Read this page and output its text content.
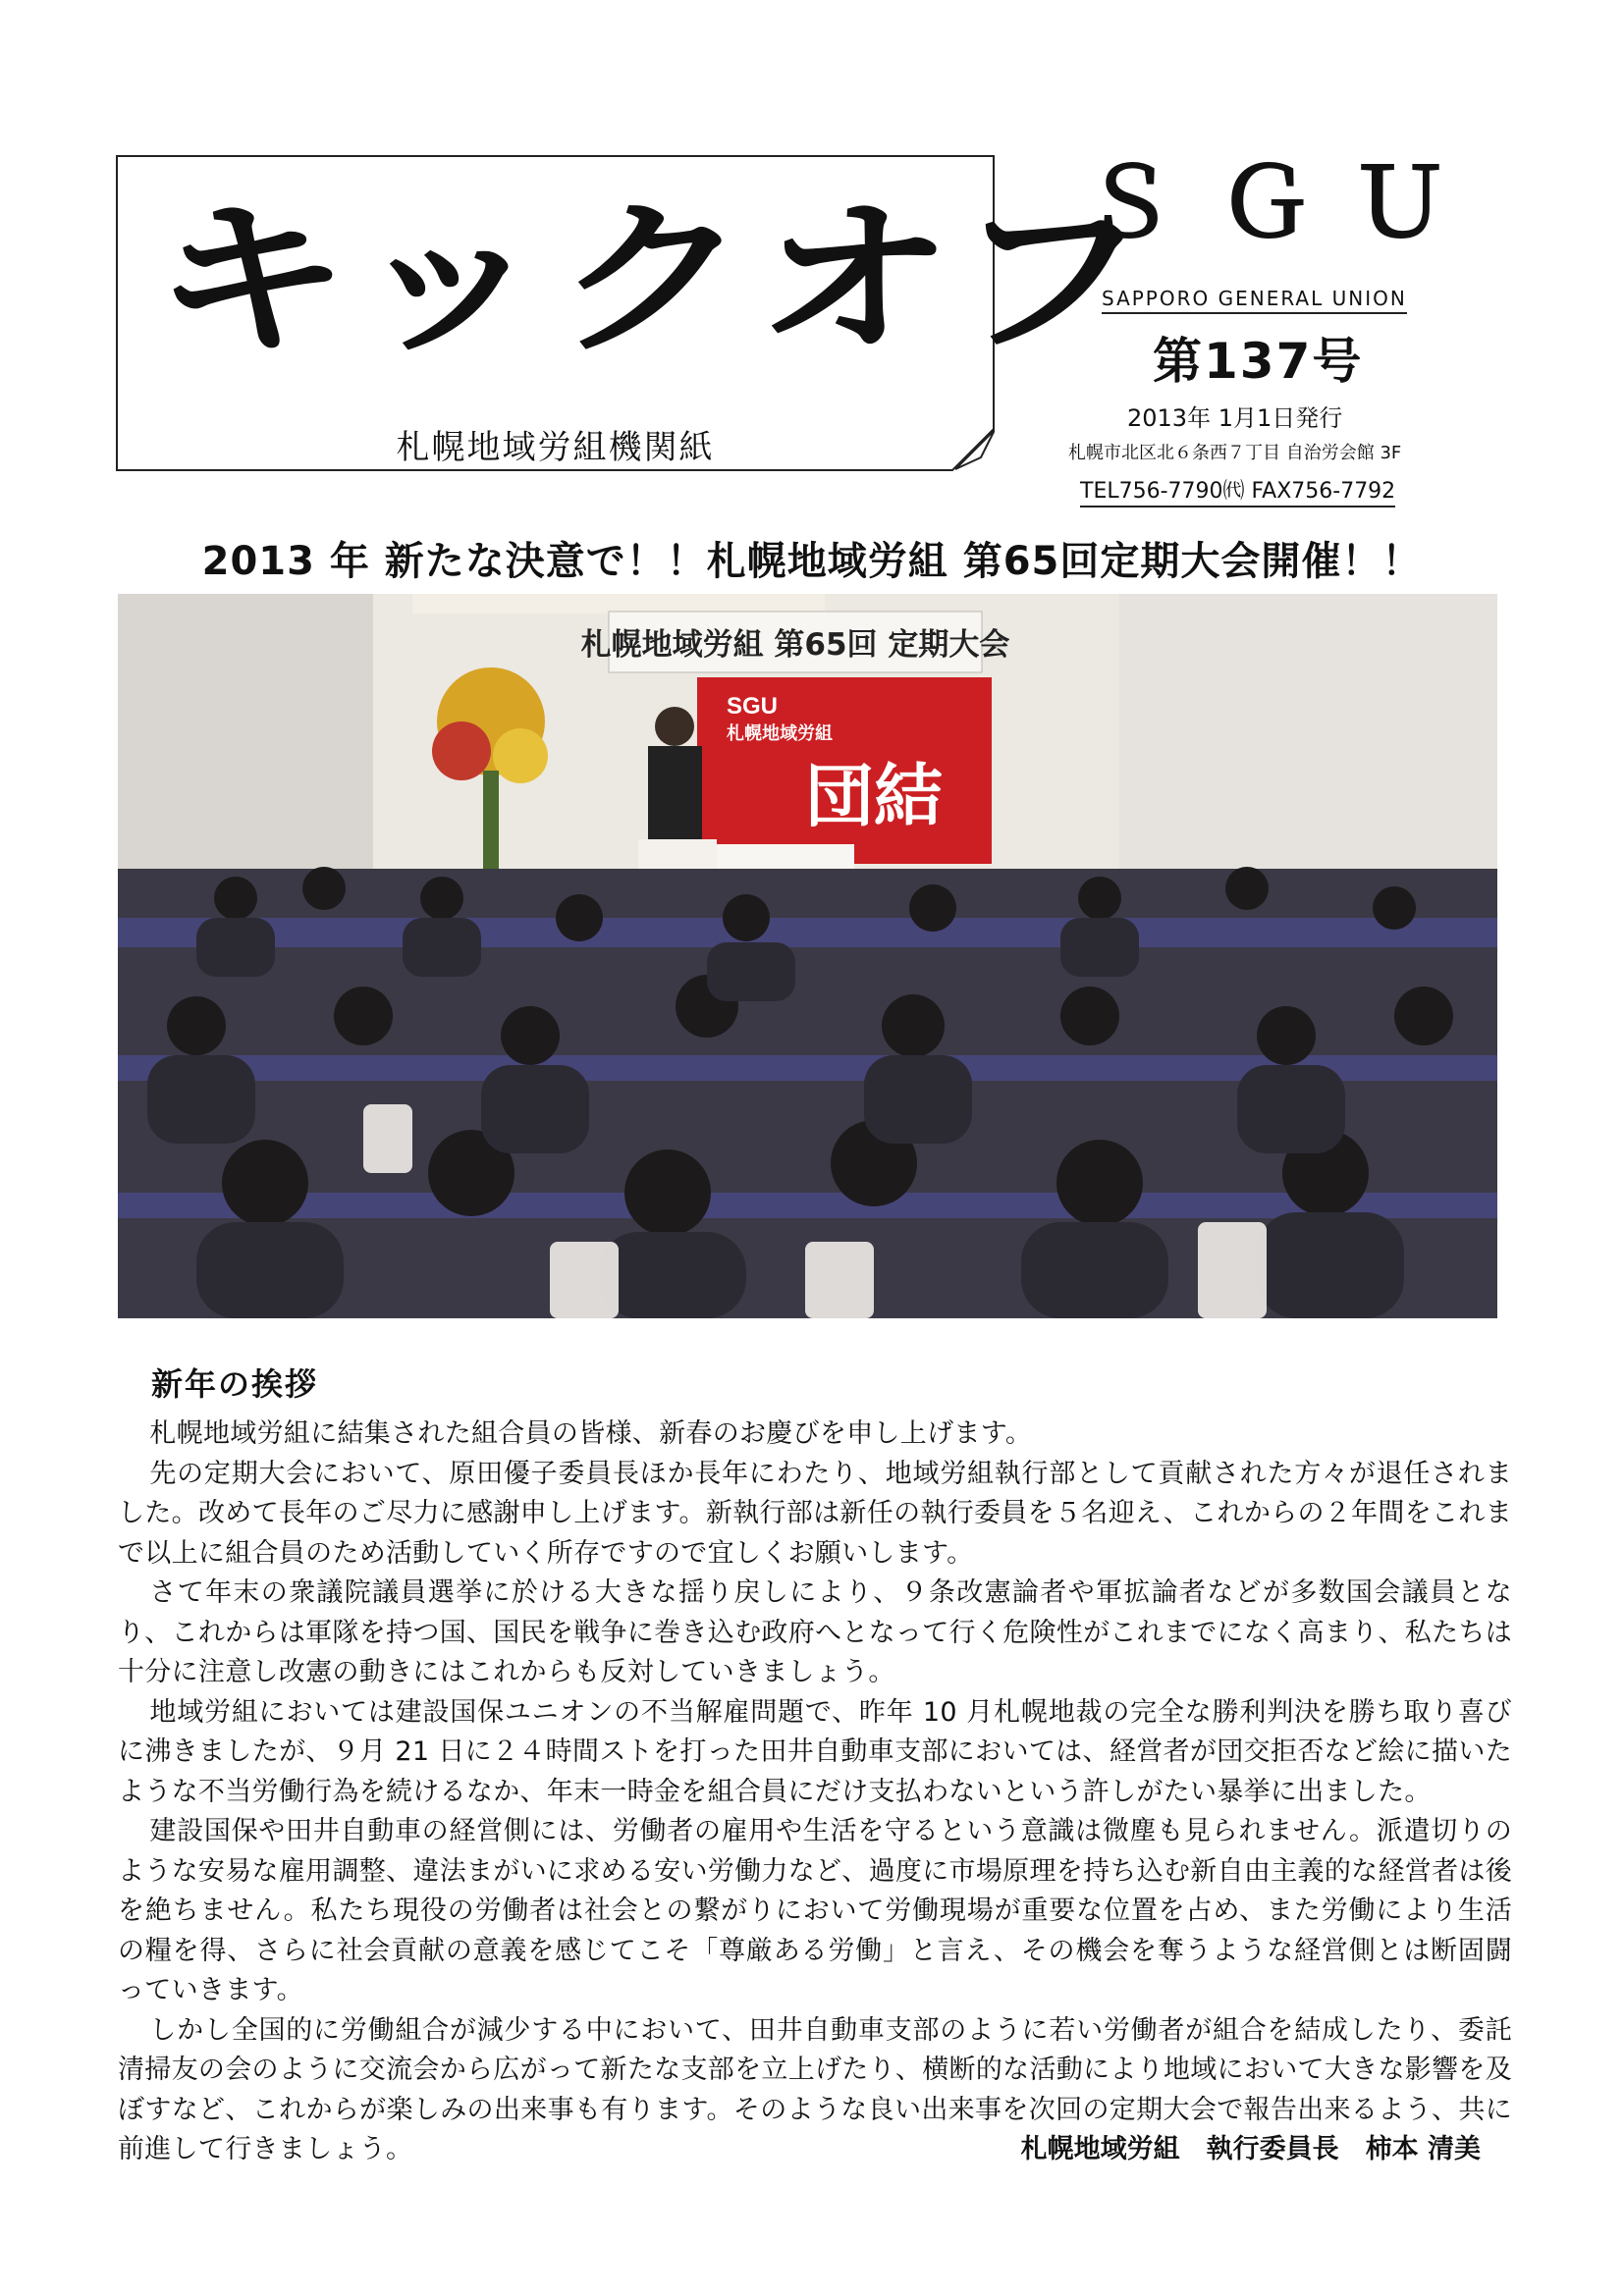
キックオフ
札幌地域労組機関紙
ＳＧＵ
SAPPORO GENERAL UNION
第137号
2013年 1月1日発行
札幌市北区北６条西７丁目 自治労会館 3F
TEL756-7790㈹ FAX756-7792
2013 年 新たな決意で！！札幌地域労組 第65回定期大会開催！！
札幌地域労組 第65回 定期大会
SGU
札幌地域労組
団結
新年の挨拶

札幌地域労組に結集された組合員の皆様、新春のお慶びを申し上げます。

先の定期大会において、原田優子委員長ほか長年にわたり、地域労組執行部として貢献された方々が退任されました。改めて長年のご尽力に感謝申し上げます。新執行部は新任の執行委員を５名迎え、これからの２年間をこれまで以上に組合員のため活動していく所存ですので宜しくお願いします。

さて年末の衆議院議員選挙に於ける大きな揺り戻しにより、９条改憲論者や軍拡論者などが多数国会議員となり、これからは軍隊を持つ国、国民を戦争に巻き込む政府へとなって行く危険性がこれまでになく高まり、私たちは十分に注意し改憲の動きにはこれからも反対していきましょう。

地域労組においては建設国保ユニオンの不当解雇問題で、昨年 10 月札幌地裁の完全な勝利判決を勝ち取り喜びに沸きましたが、９月 21 日に２４時間ストを打った田井自動車支部においては、経営者が団交拒否など絵に描いたような不当労働行為を続けるなか、年末一時金を組合員にだけ支払わないという許しがたい暴挙に出ました。

建設国保や田井自動車の経営側には、労働者の雇用や生活を守るという意識は微塵も見られません。派遣切りのような安易な雇用調整、違法まがいに求める安い労働力など、過度に市場原理を持ち込む新自由主義的な経営者は後を絶ちません。私たち現役の労働者は社会との繋がりにおいて労働現場が重要な位置を占め、また労働により生活の糧を得、さらに社会貢献の意義を感じてこそ「尊厳ある労働」と言え、その機会を奪うような経営側とは断固闘っていきます。

しかし全国的に労働組合が減少する中において、田井自動車支部のように若い労働者が組合を結成したり、委託清掃友の会のように交流会から広がって新たな支部を立上げたり、横断的な活動により地域において大きな影響を及ぼすなど、これからが楽しみの出来事も有ります。そのような良い出来事を次回の定期大会で報告出来るよう、共に前進して行きましょう。	札幌地域労組　執行委員長　柿本 清美
